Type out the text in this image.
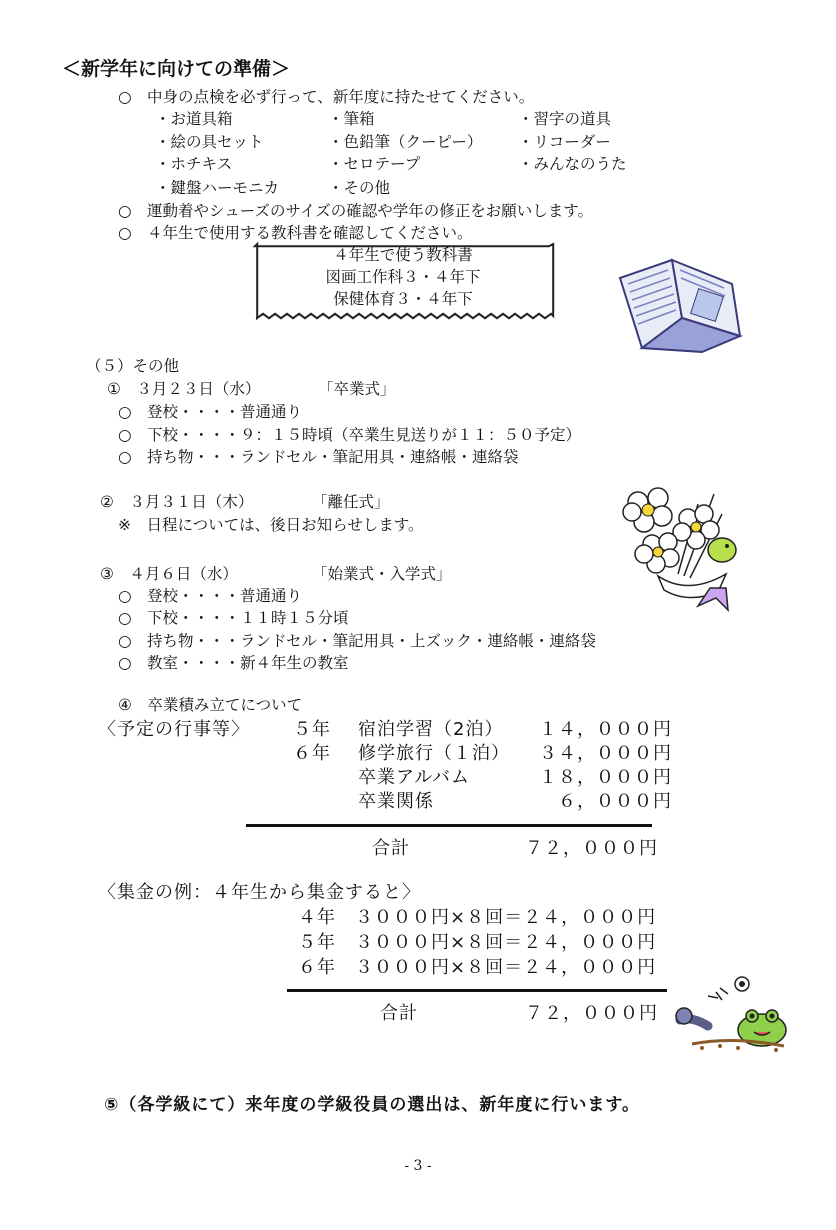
＜新学年に向けての準備＞
○　中身の点検を必ず行って、新年度に持たせてください。
・お道具箱	・筆箱	・習字の道具
・絵の具セット	・色鉛筆（クーピー） ・リコーダー
・ホチキス	・セロテープ	・みんなのうた
・鍵盤ハーモニカ	・その他
○　運動着やシューズのサイズの確認や学年の修正をお願いします。
○　４年生で使用する教科書を確認してください。
４年生で使う教科書
図画工作科３・４年下
保健体育３・４年下
（５）その他
①　３月２３日（水）	「卒業式」
○　登校・・・・普通通り
○　下校・・・・９：１５時頃（卒業生見送りが１１：５０予定）
○　持ち物・・・ランドセル・筆記用具・連絡帳・連絡袋
②　３月３１日（木）	「離任式」
※　日程については、後日お知らせします。
③　４月６日（水）	「始業式・入学式」
○　登校・・・・普通通り
○　下校・・・・１１時１５分頃
○　持ち物・・・ランドセル・筆記用具・上ズック・連絡帳・連絡袋
○　教室・・・・新４年生の教室
④　卒業積み立てについて
〈予定の行事等〉 ５年 宿泊学習（2泊）	１４，０００円
６年 修学旅行（１泊）	３４，０００円
卒業アルバム	１８，０００円
卒業関係	６，０００円
合計	７２，０００円
〈集金の例：４年生から集金すると〉
４年　３０００円×８回＝２４，０００円
５年　３０００円×８回＝２４，０００円
６年　３０００円×８回＝２４，０００円
合計	７２，０００円
⑤（各学級にて）来年度の学級役員の選出は、新年度に行います。
- 3 -
